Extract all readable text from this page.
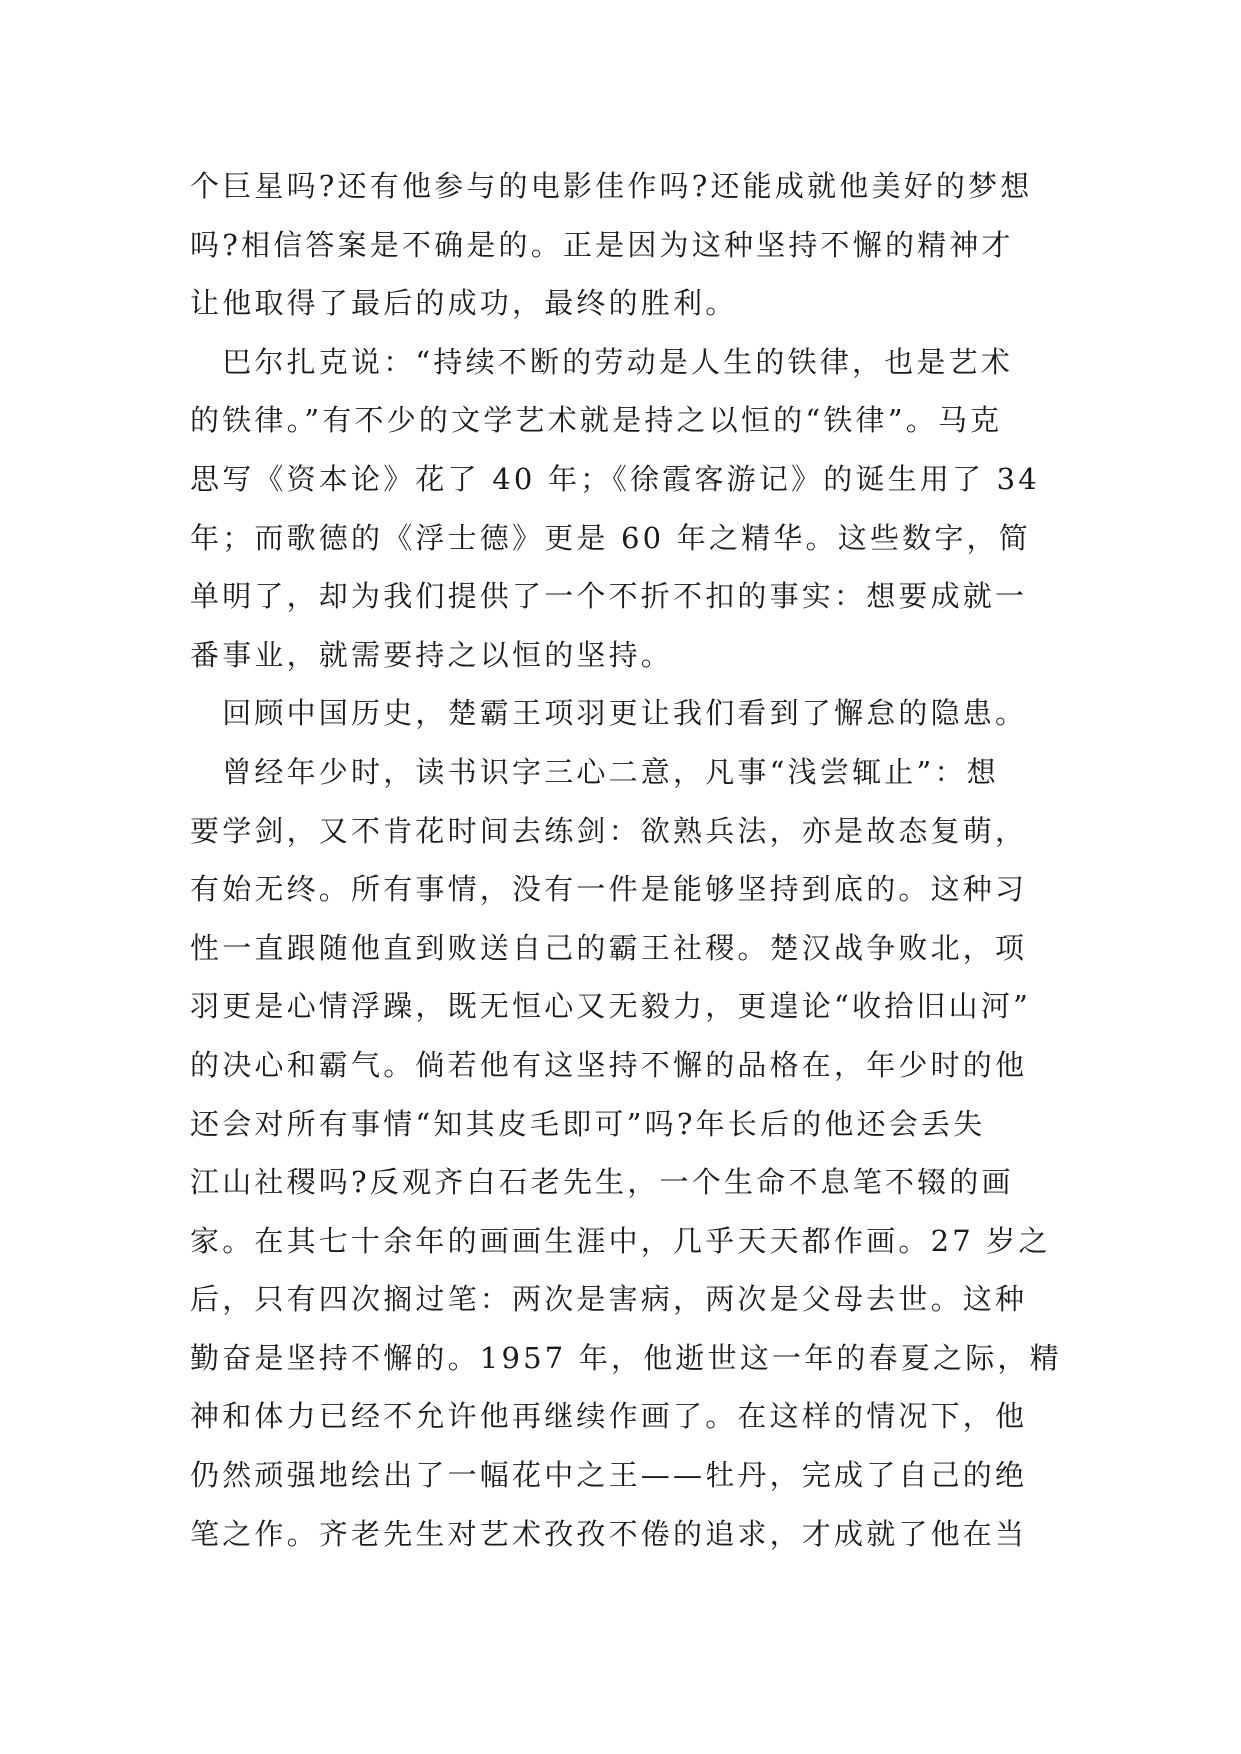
个巨星吗?还有他参与的电影佳作吗?还能成就他美好的梦想
吗?相信答案是不确是的。正是因为这种坚持不懈的精神才
让他取得了最后的成功，最终的胜利。
　巴尔扎克说：“持续不断的劳动是人生的铁律，也是艺术
的铁律。”有不少的文学艺术就是持之以恒的“铁律”。马克
思写《资本论》花了 40 年；《徐霞客游记》的诞生用了 34
年；而歌德的《浮士德》更是 60 年之精华。这些数字，简
单明了，却为我们提供了一个不折不扣的事实：想要成就一
番事业，就需要持之以恒的坚持。
　回顾中国历史，楚霸王项羽更让我们看到了懈怠的隐患。
　曾经年少时，读书识字三心二意，凡事“浅尝辄止”：想
要学剑，又不肯花时间去练剑：欲熟兵法，亦是故态复萌，
有始无终。所有事情，没有一件是能够坚持到底的。这种习
性一直跟随他直到败送自己的霸王社稷。楚汉战争败北，项
羽更是心情浮躁，既无恒心又无毅力，更遑论“收拾旧山河”
的决心和霸气。倘若他有这坚持不懈的品格在，年少时的他
还会对所有事情“知其皮毛即可”吗?年长后的他还会丢失
江山社稷吗?反观齐白石老先生，一个生命不息笔不辍的画
家。在其七十余年的画画生涯中，几乎天天都作画。27 岁之
后，只有四次搁过笔：两次是害病，两次是父母去世。这种
勤奋是坚持不懈的。1957 年，他逝世这一年的春夏之际，精
神和体力已经不允许他再继续作画了。在这样的情况下，他
仍然顽强地绘出了一幅花中之王——牡丹，完成了自己的绝
笔之作。齐老先生对艺术孜孜不倦的追求，才成就了他在当
